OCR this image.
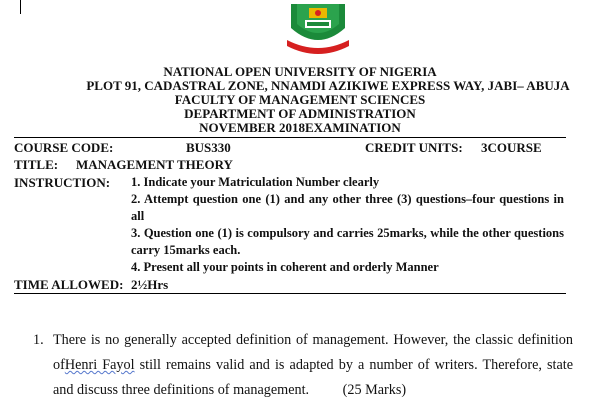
NATIONAL OPEN UNIVERSITY OF NIGERIA
PLOT 91, CADASTRAL ZONE, NNAMDI AZIKIWE EXPRESS WAY, JABI– ABUJA
FACULTY OF MANAGEMENT SCIENCES
DEPARTMENT OF ADMINISTRATION
NOVEMBER 2018EXAMINATION
COURSE CODE:	BUS330	CREDIT UNITS: 3COURSE
TITLE: MANAGEMENT THEORY
INSTRUCTION: 1. Indicate your Matriculation Number clearly
2. Attempt question one (1) and any other three (3) questions–four questions in all
3. Question one (1) is compulsory and carries 25marks, while the other questions carry 15marks each.
4. Present all your points in coherent and orderly Manner
TIME ALLOWED: 2½Hrs
1. There is no generally accepted definition of management. However, the classic definition ofHenri Fayol still remains valid and is adapted by a number of writers. Therefore, state and discuss three definitions of management. (25 Marks)
